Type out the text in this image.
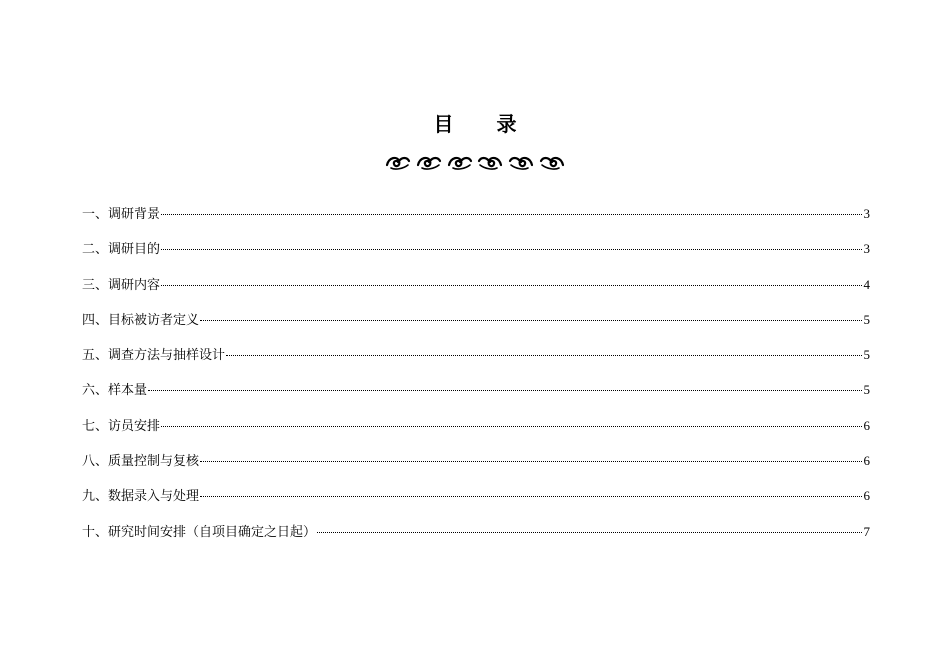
目 录
一、调研背景	3
二、调研目的	3
三、调研内容	4
四、目标被访者定义	5
五、调查方法与抽样设计	5
六、样本量	5
七、访员安排	6
八、质量控制与复核	6
九、数据录入与处理	6
十、研究时间安排（自项目确定之日起）	7
